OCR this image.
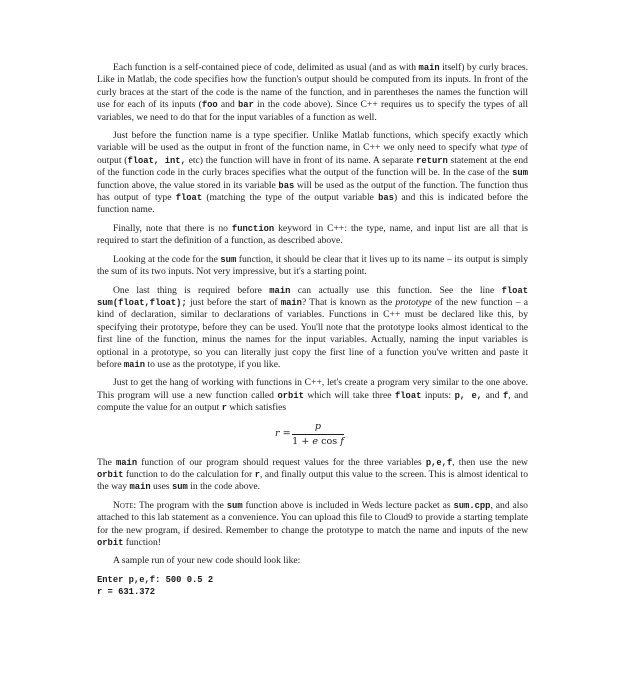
Each function is a self-contained piece of code, delimited as usual (and as with main itself) by curly braces. Like in Matlab, the code specifies how the function's output should be computed from its inputs. In front of the curly braces at the start of the code is the name of the function, and in parentheses the names the function will use for each of its inputs (foo and bar in the code above). Since C++ requires us to specify the types of all variables, we need to do that for the input variables of a function as well.

Just before the function name is a type specifier. Unlike Matlab functions, which specify exactly which variable will be used as the output in front of the function name, in C++ we only need to specify what type of output (float, int, etc) the function will have in front of its name. A separate return statement at the end of the function code in the curly braces specifies what the output of the function will be. In the case of the sum function above, the value stored in its variable bas will be used as the output of the function. The function thus has output of type float (matching the type of the output variable bas) and this is indicated before the function name.

Finally, note that there is no function keyword in C++: the type, name, and input list are all that is required to start the definition of a function, as described above.

Looking at the code for the sum function, it should be clear that it lives up to its name – its output is simply the sum of its two inputs. Not very impressive, but it's a starting point.

One last thing is required before main can actually use this function. See the line float sum(float,float); just before the start of main? That is known as the prototype of the new function – a kind of declaration, similar to declarations of variables. Functions in C++ must be declared like this, by specifying their prototype, before they can be used. You'll note that the prototype looks almost identical to the first line of the function, minus the names for the input variables. Actually, naming the input variables is optional in a prototype, so you can literally just copy the first line of a function you've written and paste it before main to use as the prototype, if you like.

Just to get the hang of working with functions in C++, let's create a program very similar to the one above. This program will use a new function called orbit which will take three float inputs: p, e, and f, and compute the value for an output r which satisfies

$r = \frac{p}{\text{1 + e cos f}}$

The main function of our program should request values for the three variables p,e,f, then use the new orbit function to do the calculation for r, and finally output this value to the screen. This is almost identical to the way main uses sum in the code above.

Note: The program with the sum function above is included in Weds lecture packet as sum.cpp, and also attached to this lab statement as a convenience. You can upload this file to Cloud9 to provide a starting template for the new program, if desired. Remember to change the prototype to match the name and inputs of the new orbit function!

A sample run of your new code should look like:

Enter p,e,f: 500 0.5 2
r = 631.372
